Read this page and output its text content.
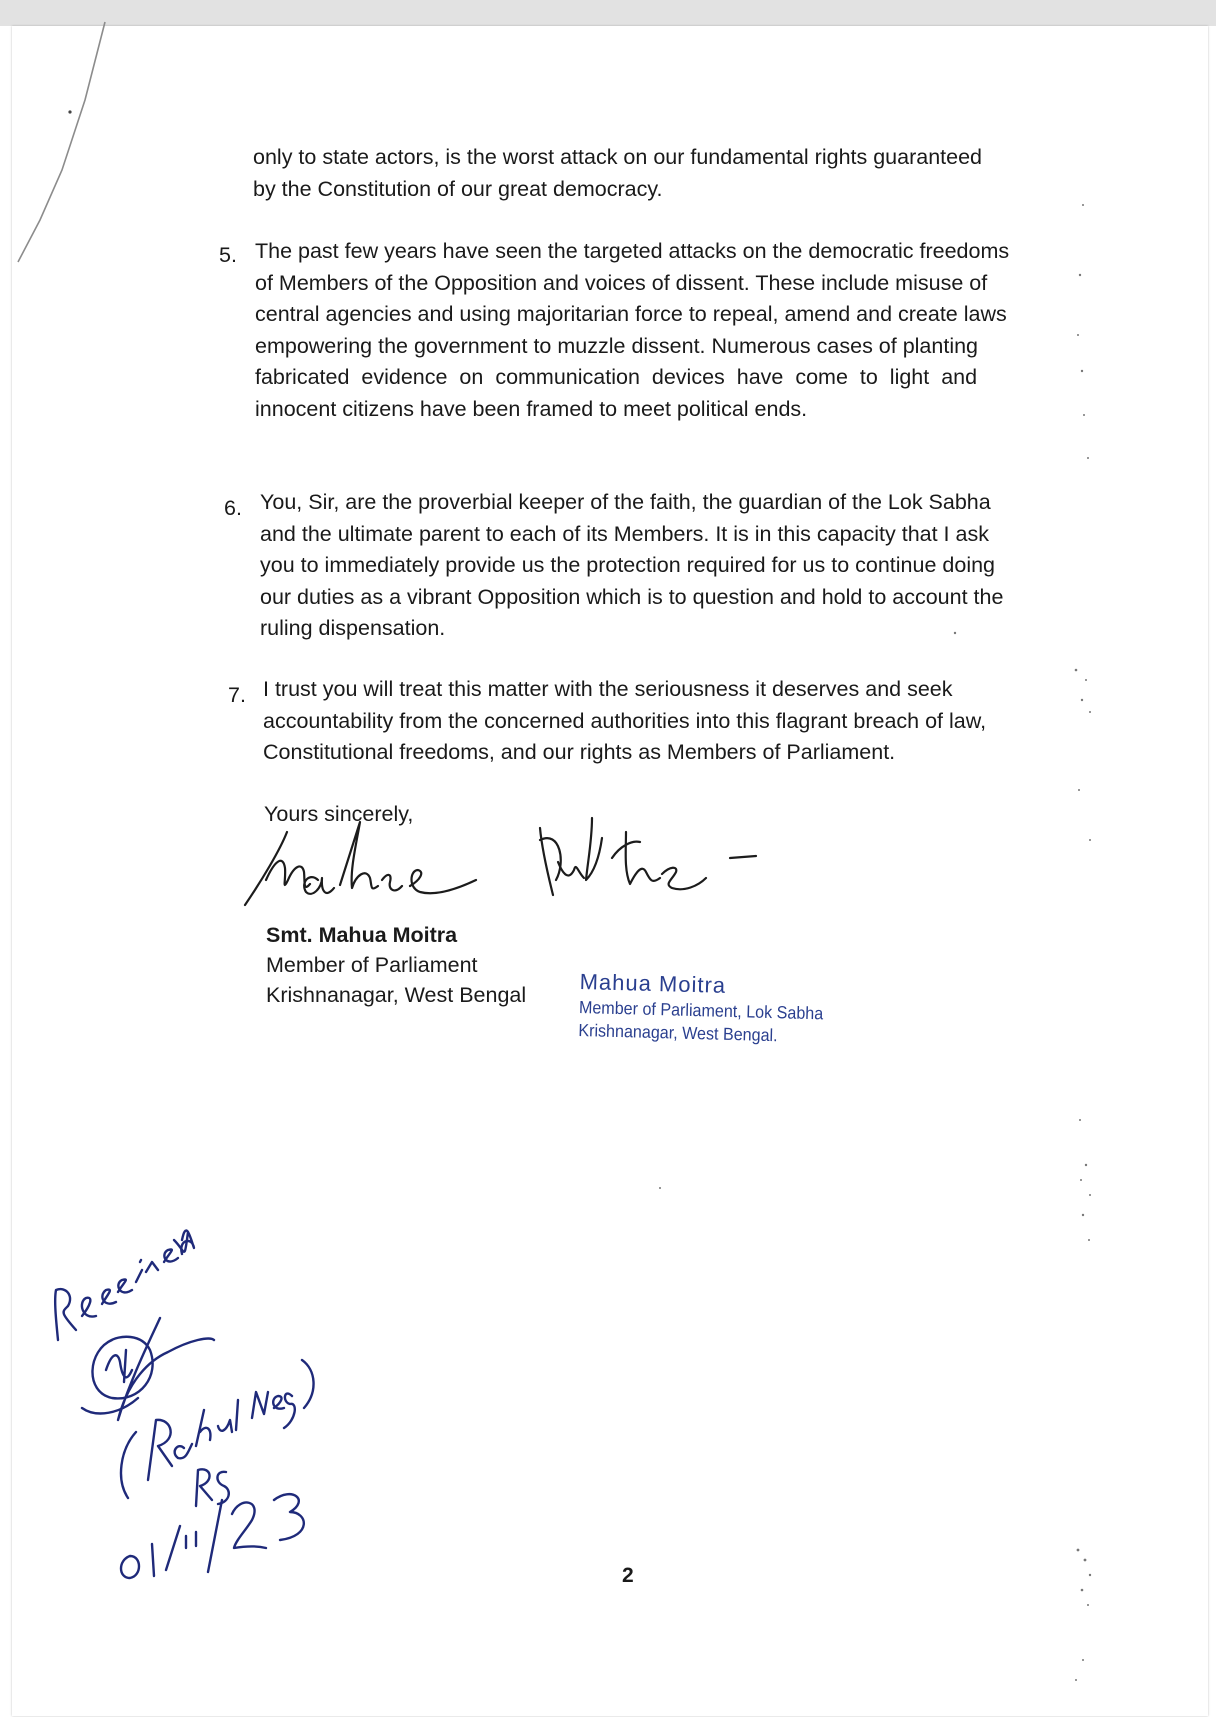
only to state actors, is the worst attack on our fundamental rights guaranteed
by the Constitution of our great democracy.
5. The past few years have seen the targeted attacks on the democratic freedoms
of Members of the Opposition and voices of dissent. These include misuse of
central agencies and using majoritarian force to repeal, amend and create laws
empowering the government to muzzle dissent. Numerous cases of planting
fabricated evidence on communication devices have come to light and
innocent citizens have been framed to meet political ends.
6. You, Sir, are the proverbial keeper of the faith, the guardian of the Lok Sabha
and the ultimate parent to each of its Members. It is in this capacity that I ask
you to immediately provide us the protection required for us to continue doing
our duties as a vibrant Opposition which is to question and hold to account the
ruling dispensation.
7. I trust you will treat this matter with the seriousness it deserves and seek
accountability from the concerned authorities into this flagrant breach of law,
Constitutional freedoms, and our rights as Members of Parliament.
Yours sincerely,
Smt. Mahua Moitra
Member of Parliament
Krishnanagar, West Bengal Mahua Moitra
Member of Parliament, Lok Sabha
Krishnanagar, West Bengal.
2
